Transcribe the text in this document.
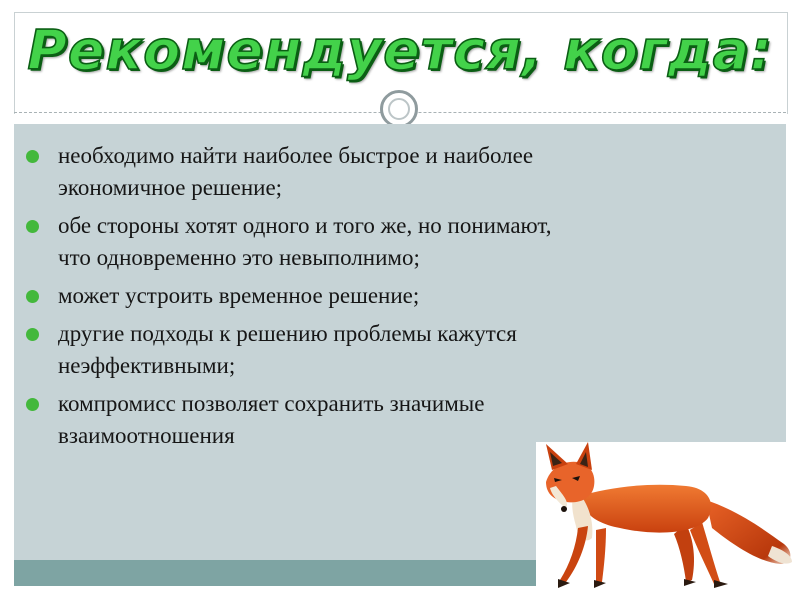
Рекомендуется, когда:
необходимо найти наиболее быстрое и наиболее
экономичное решение;
обе стороны хотят одного и того же, но понимают,
что одновременно это невыполнимо;
может устроить временное решение;
другие подходы к решению проблемы кажутся
неэффективными;
компромисс позволяет сохранить значимые
взаимоотношения
